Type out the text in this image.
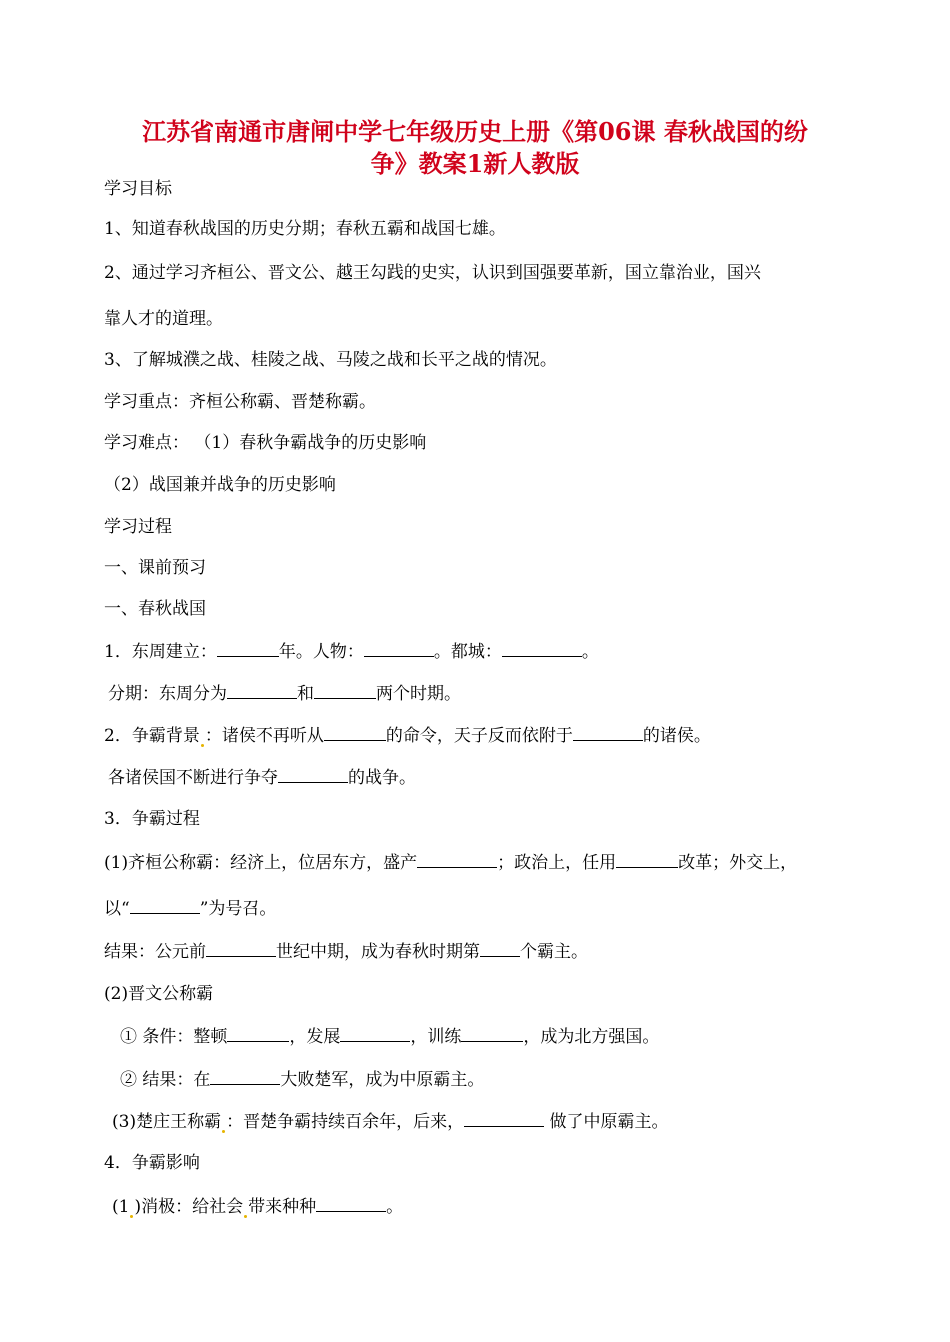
江苏省南通市唐闸中学七年级历史上册《第06课 春秋战国的纷
争》教案1新人教版
学习目标
1、知道春秋战国的历史分期；春秋五霸和战国七雄。
2、通过学习齐桓公、晋文公、越王勾践的史实，认识到国强要革新，国立靠治业，国兴
靠人才的道理。
3、了解城濮之战、桂陵之战、马陵之战和长平之战的情况。
学习重点：齐桓公称霸、晋楚称霸。
学习难点： （1）春秋争霸战争的历史影响
（2）战国兼并战争的历史影响
学习过程
一、课前预习
一、春秋战国
1．东周建立：	年。人物：	。都城：	。
分期：东周分为	和	两个时期。
2．争霸背景 ：诸侯不再听从	的命令，天子反而依附于	的诸侯。
各诸侯国不断进行争夺	的战争。
3．争霸过程
(1)齐桓公称霸：经济上，位居东方，盛产	；政治上，任用	改革；外交上，
以“	”为号召。
结果：公元前	世纪中期，成为春秋时期第 个霸主。
(2)晋文公称霸
① 条件：整顿	，发展	，训练	，成为北方强国。
② 结果：在	大败楚军，成为中原霸主。
(3)楚庄王称霸 ：晋楚争霸持续百余年，后来，	做了中原霸主。
4．争霸影响
(1 )消极：给社会 带来种种	。
